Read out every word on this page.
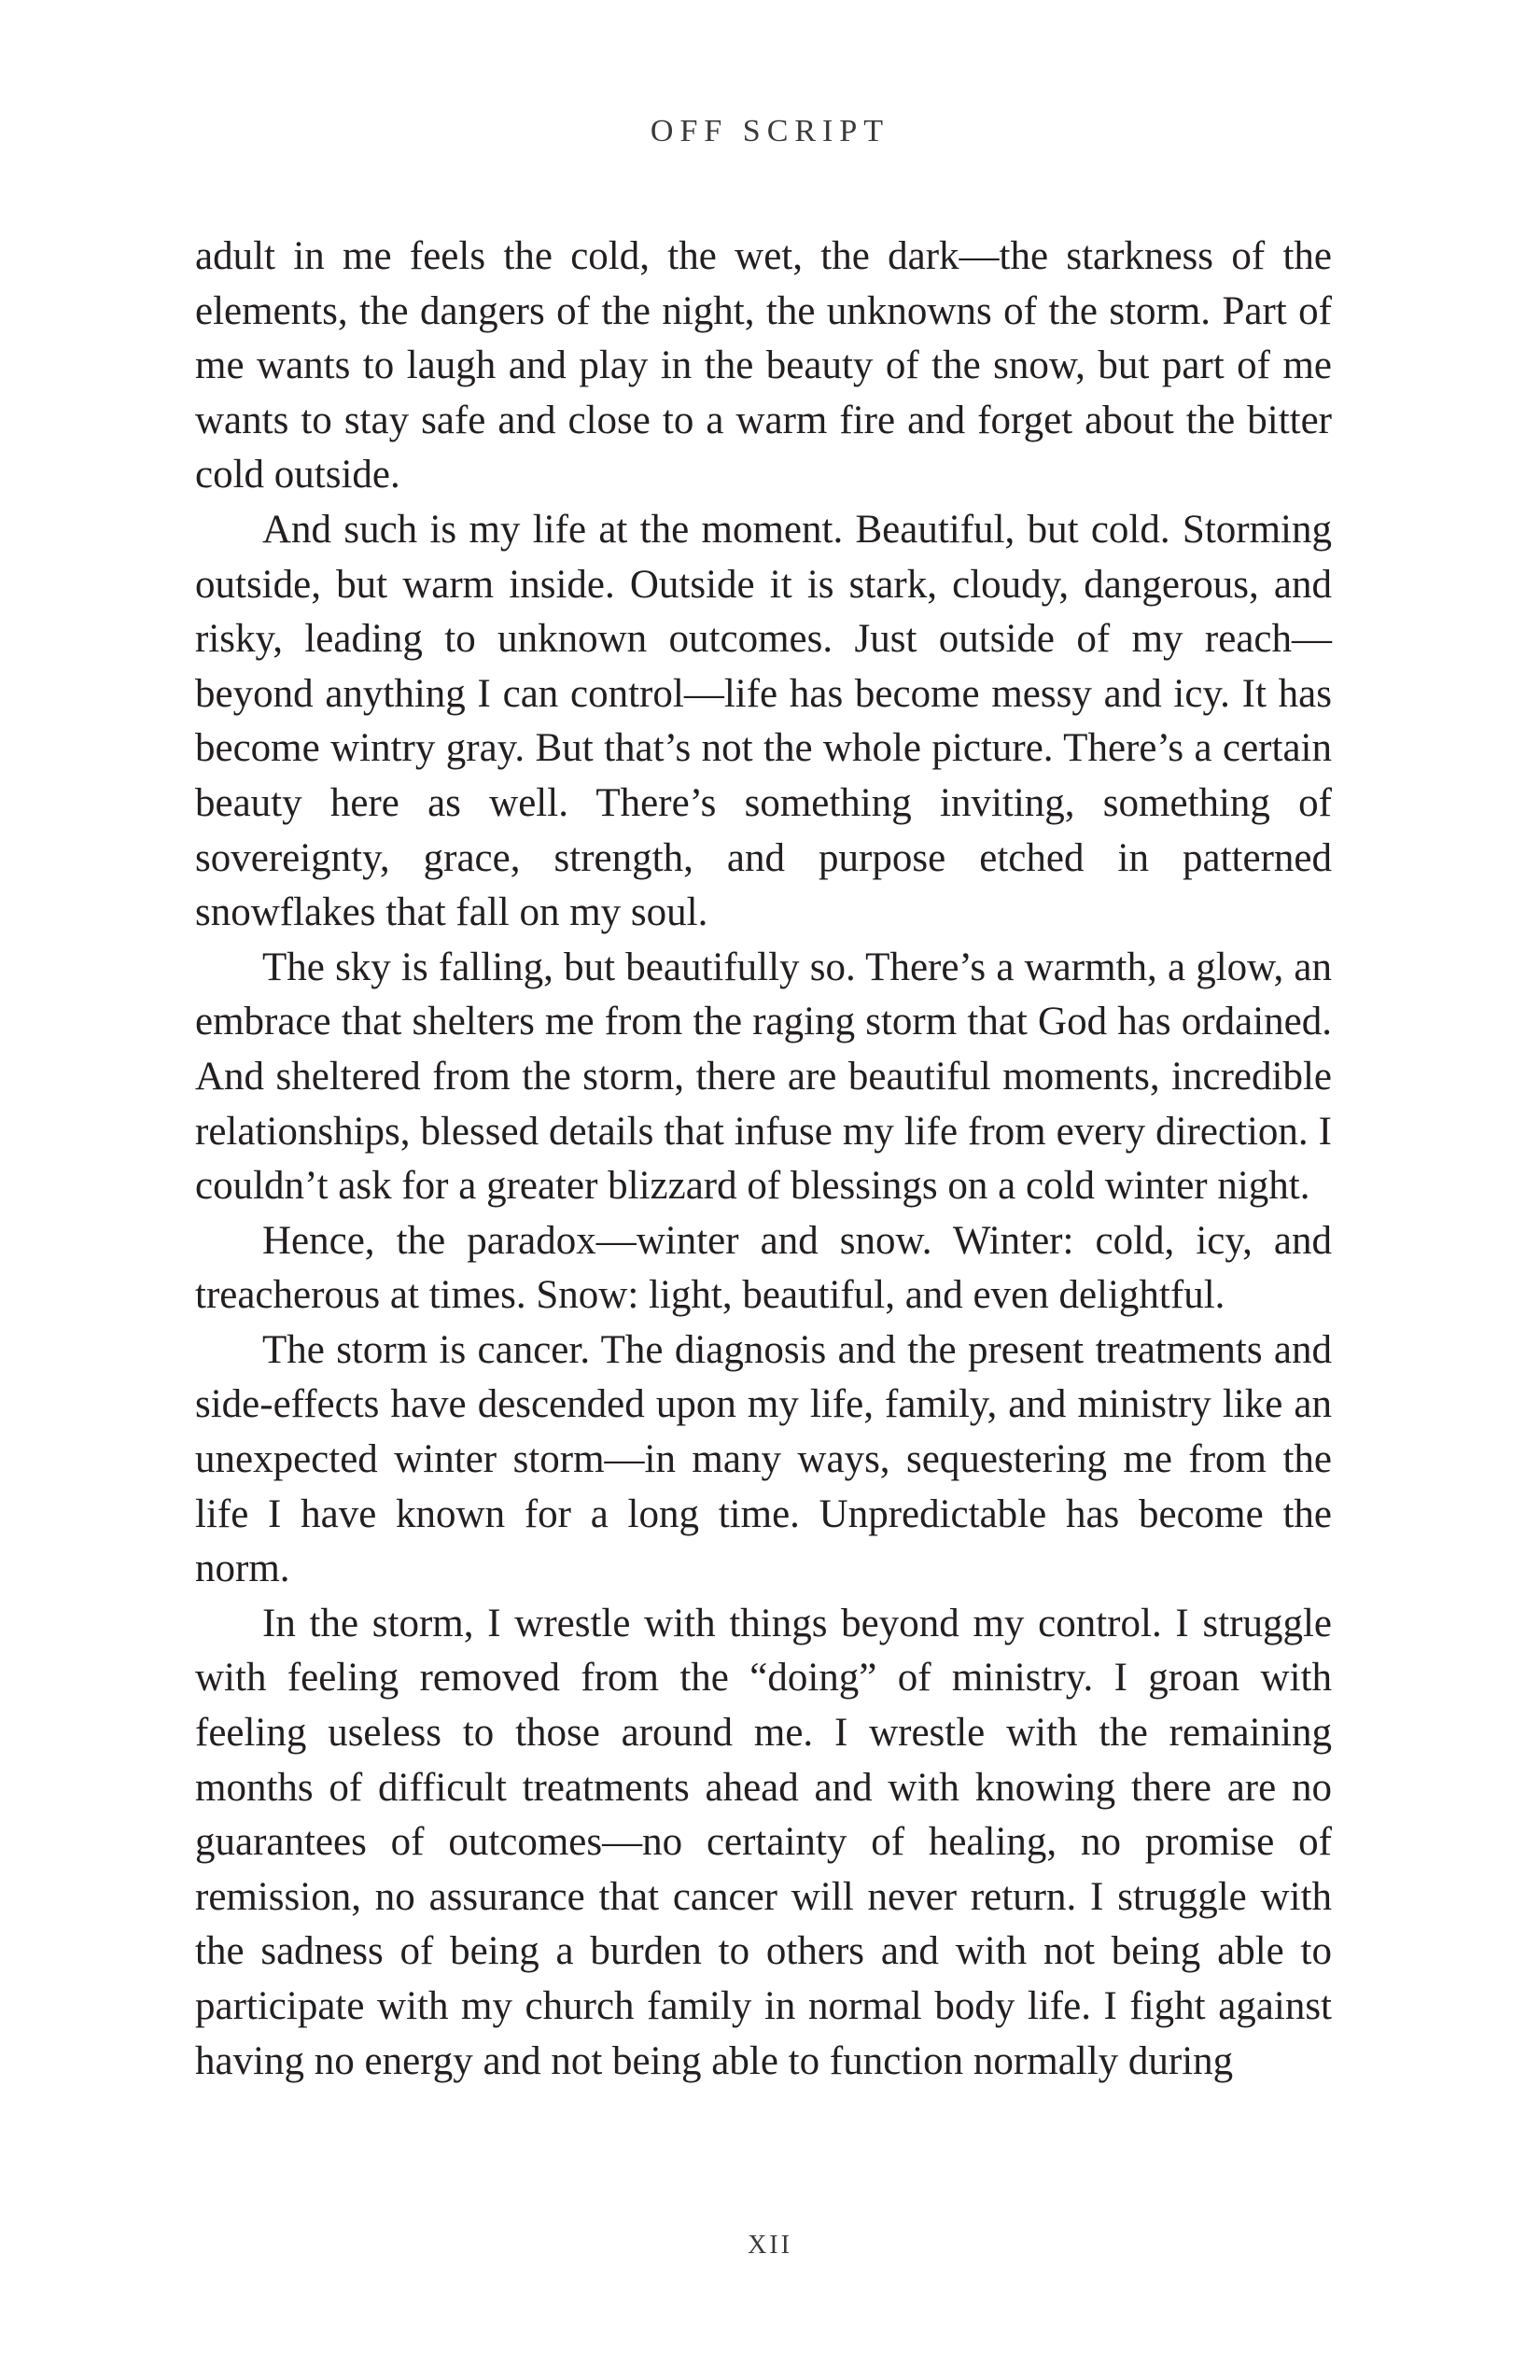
OFF SCRIPT

adult in me feels the cold, the wet, the dark—the starkness of the elements, the dangers of the night, the unknowns of the storm. Part of me wants to laugh and play in the beauty of the snow, but part of me wants to stay safe and close to a warm fire and forget about the bitter cold outside.

And such is my life at the moment. Beautiful, but cold. Storming outside, but warm inside. Outside it is stark, cloudy, dangerous, and risky, leading to unknown outcomes. Just outside of my reach—beyond anything I can control—life has become messy and icy. It has become wintry gray. But that’s not the whole picture. There’s a certain beauty here as well. There’s something inviting, something of sovereignty, grace, strength, and purpose etched in patterned snowflakes that fall on my soul.

The sky is falling, but beautifully so. There’s a warmth, a glow, an embrace that shelters me from the raging storm that God has ordained. And sheltered from the storm, there are beautiful moments, incredible relationships, blessed details that infuse my life from every direction. I couldn’t ask for a greater blizzard of blessings on a cold winter night.

Hence, the paradox—winter and snow. Winter: cold, icy, and treacherous at times. Snow: light, beautiful, and even delightful.

The storm is cancer. The diagnosis and the present treatments and side-effects have descended upon my life, family, and ministry like an unexpected winter storm—in many ways, sequestering me from the life I have known for a long time. Unpredictable has become the norm.

In the storm, I wrestle with things beyond my control. I struggle with feeling removed from the “doing” of ministry. I groan with feeling useless to those around me. I wrestle with the remaining months of difficult treatments ahead and with knowing there are no guarantees of outcomes—no certainty of healing, no promise of remission, no assurance that cancer will never return. I struggle with the sadness of being a burden to others and with not being able to participate with my church family in normal body life. I fight against having no energy and not being able to function normally during

XII
